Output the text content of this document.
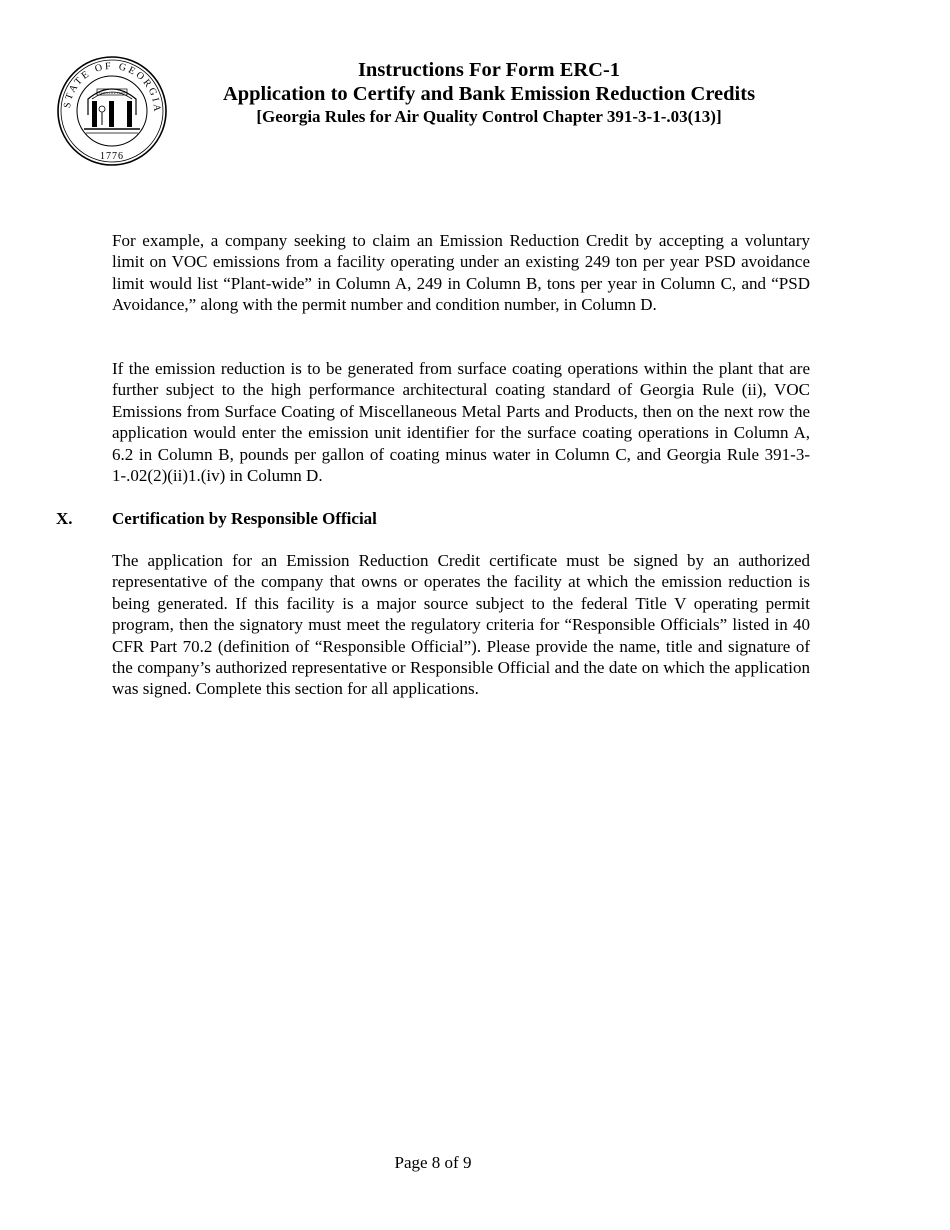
STATE OF GEORGIA
1776
CONSTITUTION
Instructions For Form ERC-1
Application to Certify and Bank Emission Reduction Credits
[Georgia Rules for Air Quality Control Chapter 391-3-1-.03(13)]

For example, a company seeking to claim an Emission Reduction Credit by accepting a voluntary limit on VOC emissions from a facility operating under an existing 249 ton per year PSD avoidance limit would list “Plant-wide” in Column A, 249 in Column B, tons per year in Column C, and “PSD Avoidance,” along with the permit number and condition number, in Column D.

If the emission reduction is to be generated from surface coating operations within the plant that are further subject to the high performance architectural coating standard of Georgia Rule (ii), VOC Emissions from Surface Coating of Miscellaneous Metal Parts and Products, then on the next row the application would enter the emission unit identifier for the surface coating operations in Column A, 6.2 in Column B, pounds per gallon of coating minus water in Column C, and Georgia Rule 391-3-1-.02(2)(ii)1.(iv) in Column D.

X. Certification by Responsible Official

The application for an Emission Reduction Credit certificate must be signed by an authorized representative of the company that owns or operates the facility at which the emission reduction is being generated. If this facility is a major source subject to the federal Title V operating permit program, then the signatory must meet the regulatory criteria for “Responsible Officials” listed in 40 CFR Part 70.2 (definition of “Responsible Official”). Please provide the name, title and signature of the company’s authorized representative or Responsible Official and the date on which the application was signed. Complete this section for all applications.

Page 8 of 9
